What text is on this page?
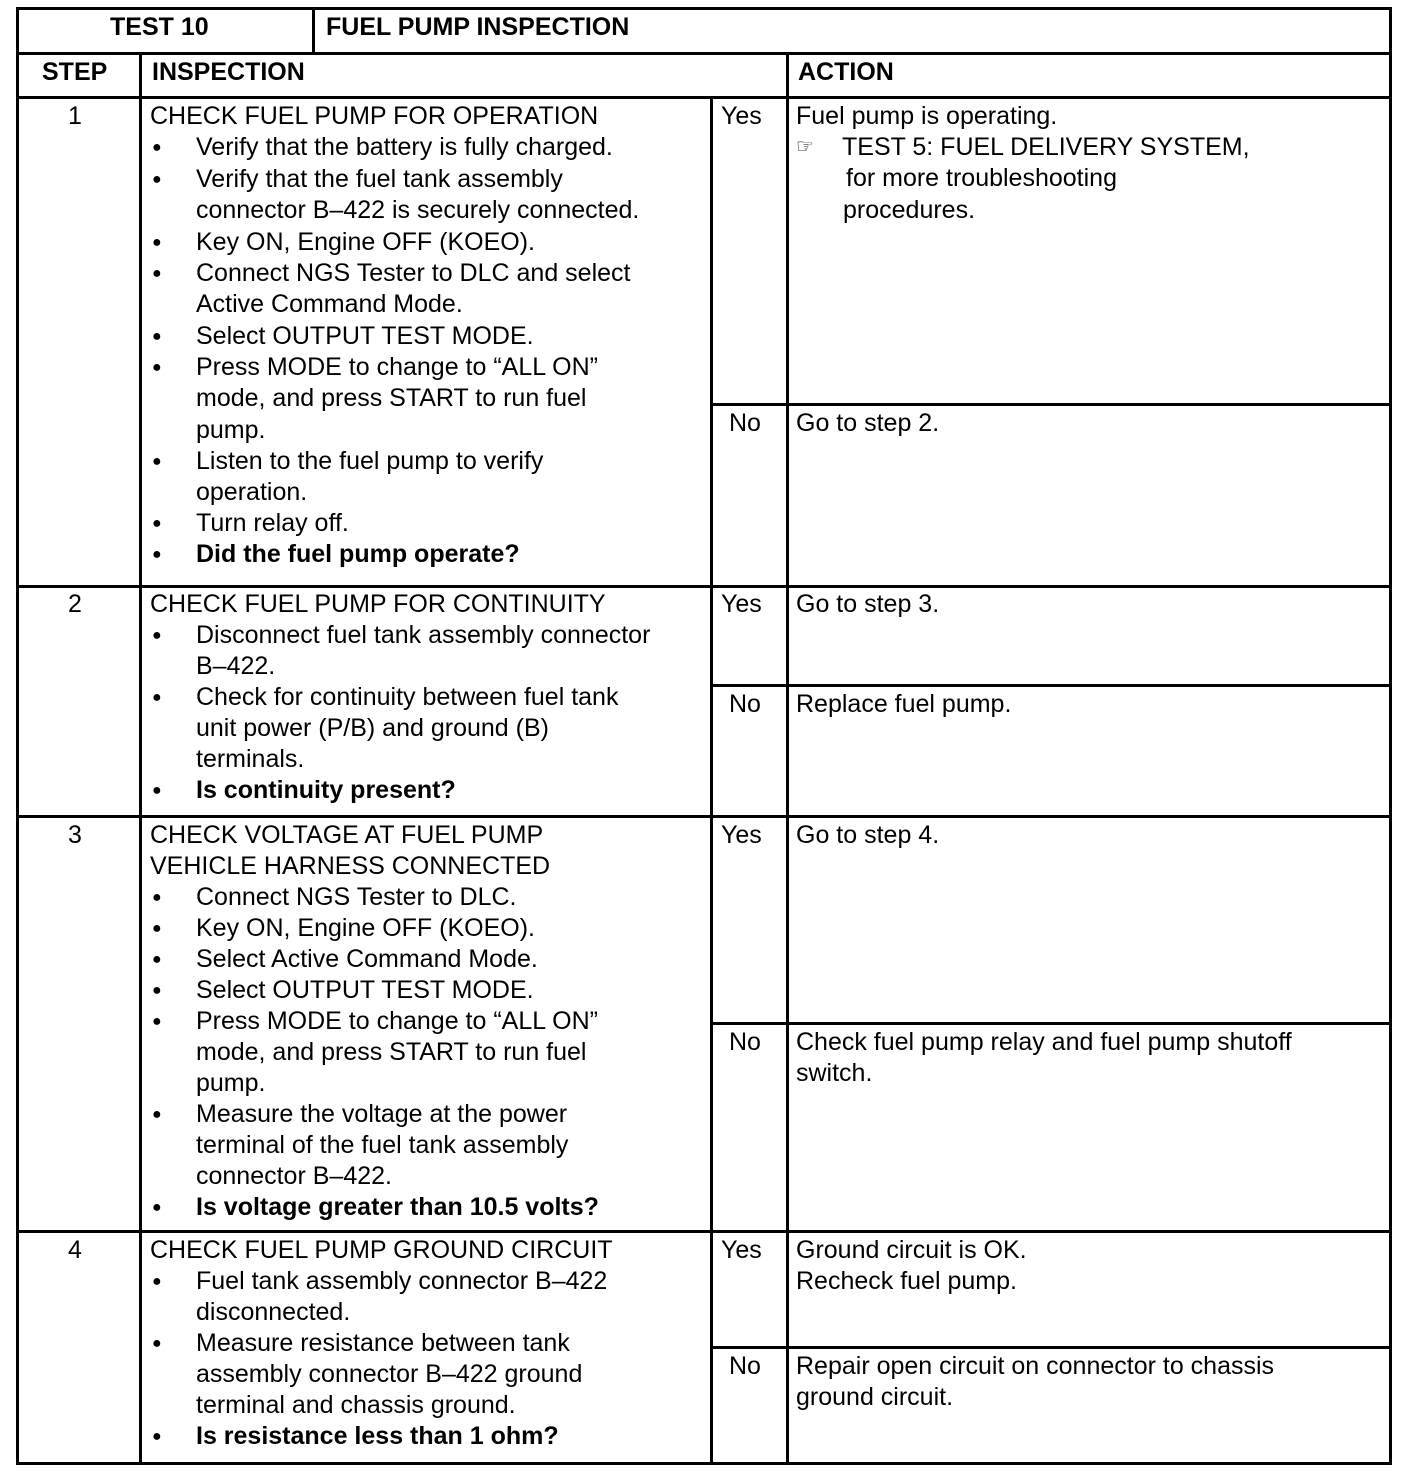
TEST 10	FUEL PUMP INSPECTION
STEP INSPECTION	ACTION
1	CHECK FUEL PUMP FOR OPERATION
● Verify that the battery is fully charged.
● Verify that the fuel tank assembly
connector B–422 is securely connected.
● Key ON, Engine OFF (KOEO).
● Connect NGS Tester to DLC and select
Active Command Mode.
● Select OUTPUT TEST MODE.
● Press MODE to change to “ALL ON”
mode, and press START to run fuel
pump.
● Listen to the fuel pump to verify
operation.
● Turn relay off.
● Did the fuel pump operate?
Yes Fuel pump is operating.
☞ TEST 5: FUEL DELIVERY SYSTEM,
for more troubleshooting
procedures.
No Go to step 2.
2	CHECK FUEL PUMP FOR CONTINUITY
● Disconnect fuel tank assembly connector
B–422.
● Check for continuity between fuel tank
unit power (P/B) and ground (B)
terminals.
● Is continuity present?
Yes Go to step 3.
No Replace fuel pump.
3	CHECK VOLTAGE AT FUEL PUMP
VEHICLE HARNESS CONNECTED
● Connect NGS Tester to DLC.
● Key ON, Engine OFF (KOEO).
● Select Active Command Mode.
● Select OUTPUT TEST MODE.
● Press MODE to change to “ALL ON”
mode, and press START to run fuel
pump.
● Measure the voltage at the power
terminal of the fuel tank assembly
connector B–422.
● Is voltage greater than 10.5 volts?
Yes Go to step 4.
No Check fuel pump relay and fuel pump shutoff
switch.
4	CHECK FUEL PUMP GROUND CIRCUIT
● Fuel tank assembly connector B–422
disconnected.
● Measure resistance between tank
assembly connector B–422 ground
terminal and chassis ground.
● Is resistance less than 1 ohm?
Yes Ground circuit is OK.
Recheck fuel pump.
No Repair open circuit on connector to chassis
ground circuit.
